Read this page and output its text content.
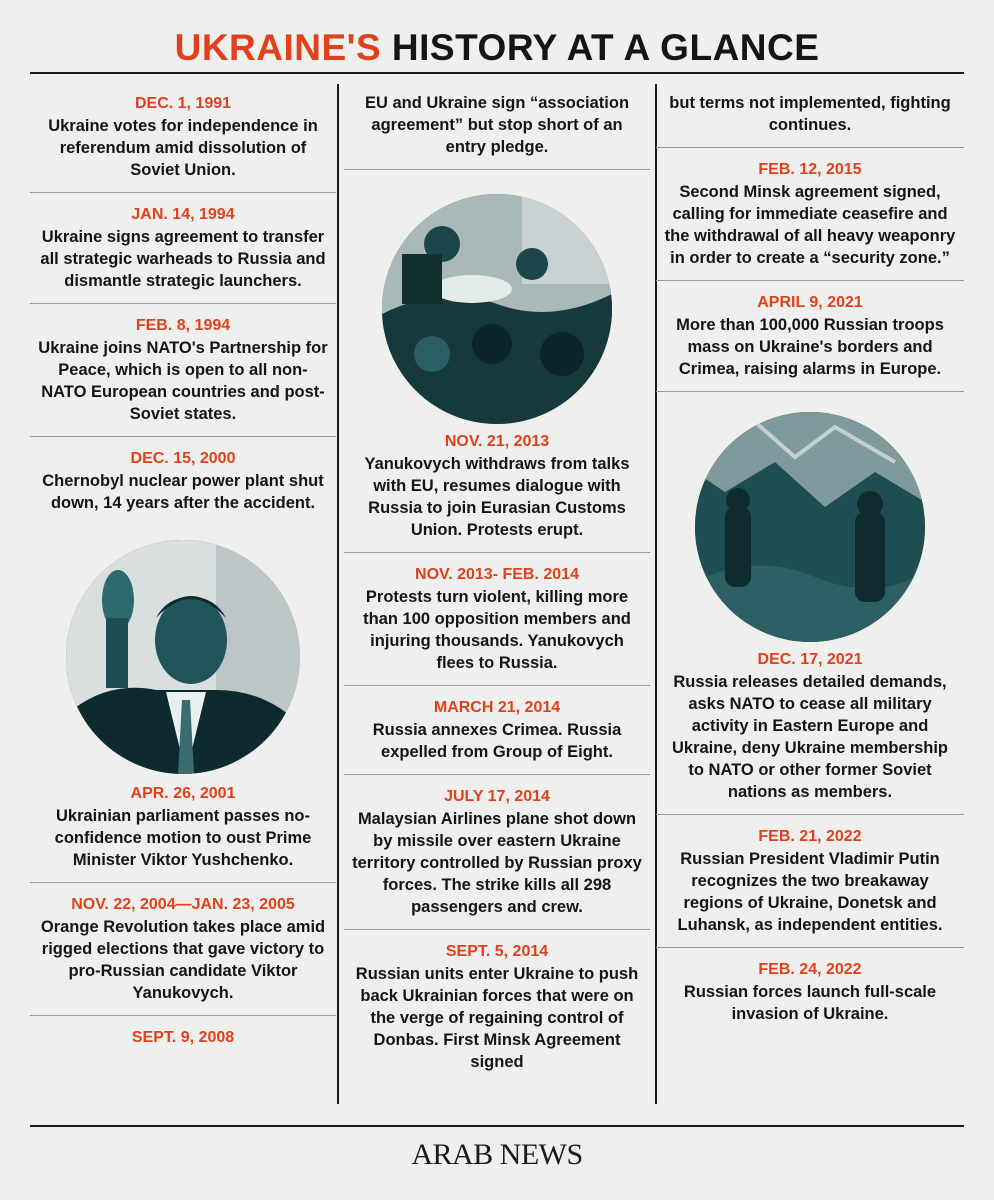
UKRAINE'S HISTORY AT A GLANCE
DEC. 1, 1991
Ukraine votes for independence in referendum amid dissolution of Soviet Union.
JAN. 14, 1994
Ukraine signs agreement to transfer all strategic warheads to Russia and dismantle strategic launchers.
FEB. 8, 1994
Ukraine joins NATO's Partnership for Peace, which is open to all non-NATO European countries and post-Soviet states.
DEC. 15, 2000
Chernobyl nuclear power plant shut down, 14 years after the accident.
APR. 26, 2001
Ukrainian parliament passes no-confidence motion to oust Prime Minister Viktor Yushchenko.
NOV. 22, 2004—JAN. 23, 2005
Orange Revolution takes place amid rigged elections that gave victory to pro-Russian candidate Viktor Yanukovych.
SEPT. 9, 2008
EU and Ukraine sign “association agreement” but stop short of an entry pledge.
NOV. 21, 2013
Yanukovych withdraws from talks with EU, resumes dialogue with Russia to join Eurasian Customs Union. Protests erupt.
NOV. 2013- FEB. 2014
Protests turn violent, killing more than 100 opposition members and injuring thousands. Yanukovych flees to Russia.
MARCH 21, 2014
Russia annexes Crimea. Russia expelled from Group of Eight.
JULY 17, 2014
Malaysian Airlines plane shot down by missile over eastern Ukraine territory controlled by Russian proxy forces. The strike kills all 298 passengers and crew.
SEPT. 5, 2014
Russian units enter Ukraine to push back Ukrainian forces that were on the verge of regaining control of Donbas. First Minsk Agreement signed
but terms not implemented, fighting continues.
FEB. 12, 2015
Second Minsk agreement signed, calling for immediate ceasefire and the withdrawal of all heavy weaponry in order to create a “security zone.”
APRIL 9, 2021
More than 100,000 Russian troops mass on Ukraine's borders and Crimea, raising alarms in Europe.
DEC. 17, 2021
Russia releases detailed demands, asks NATO to cease all military activity in Eastern Europe and Ukraine, deny Ukraine membership to NATO or other former Soviet nations as members.
FEB. 21, 2022
Russian President Vladimir Putin recognizes the two breakaway regions of Ukraine, Donetsk and Luhansk, as independent entities.
FEB. 24, 2022
Russian forces launch full-scale invasion of Ukraine.
ARAB NEWS
